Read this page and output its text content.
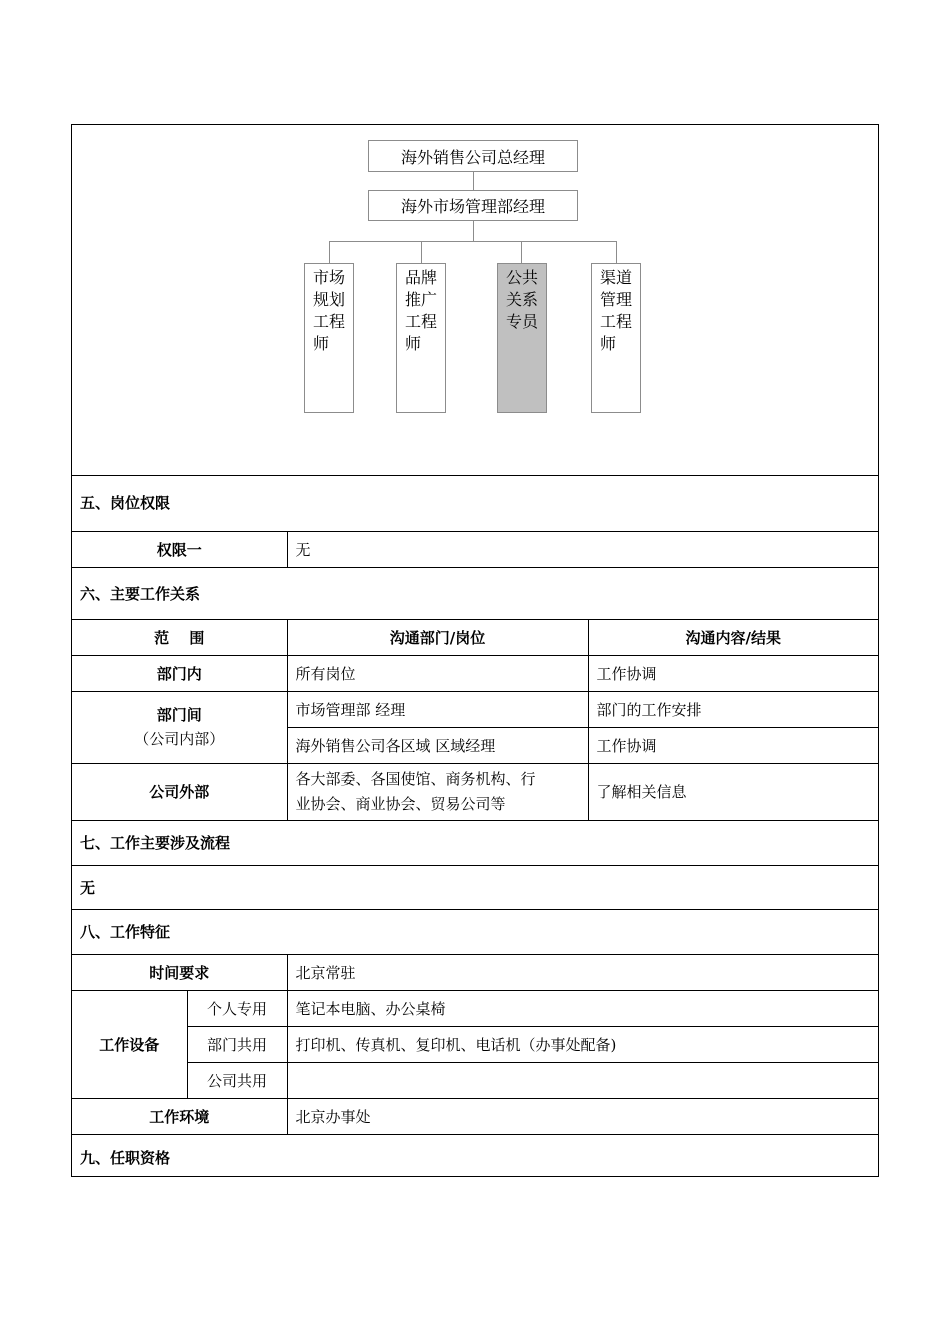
海外销售公司总经理
海外市场管理部经理
市场
规划
工程
师
品牌
推广
工程
师
公共
关系
专员
渠道
管理
工程
师
五、岗位权限			
权限一		无	
六、主要工作关系			
范　 围		沟通部门/岗位	沟通内容/结果
部门内		所有岗位	工作协调

部门间
（公司内部）		市场管理部 经理	部门的工作安排
		海外销售公司各区域 区域经理	工作协调
公司外部		各大部委、各国使馆、商务机构、行
业协会、商业协会、贸易公司等	了解相关信息
七、工作主要涉及流程			
无			
八、工作特征			
时间要求		北京常驻	
工作设备	个人专用	笔记本电脑、办公桌椅	
	部门共用	打印机、传真机、复印机、电话机（办事处配备)	
	公司共用		
工作环境		北京办事处	
九、任职资格			
